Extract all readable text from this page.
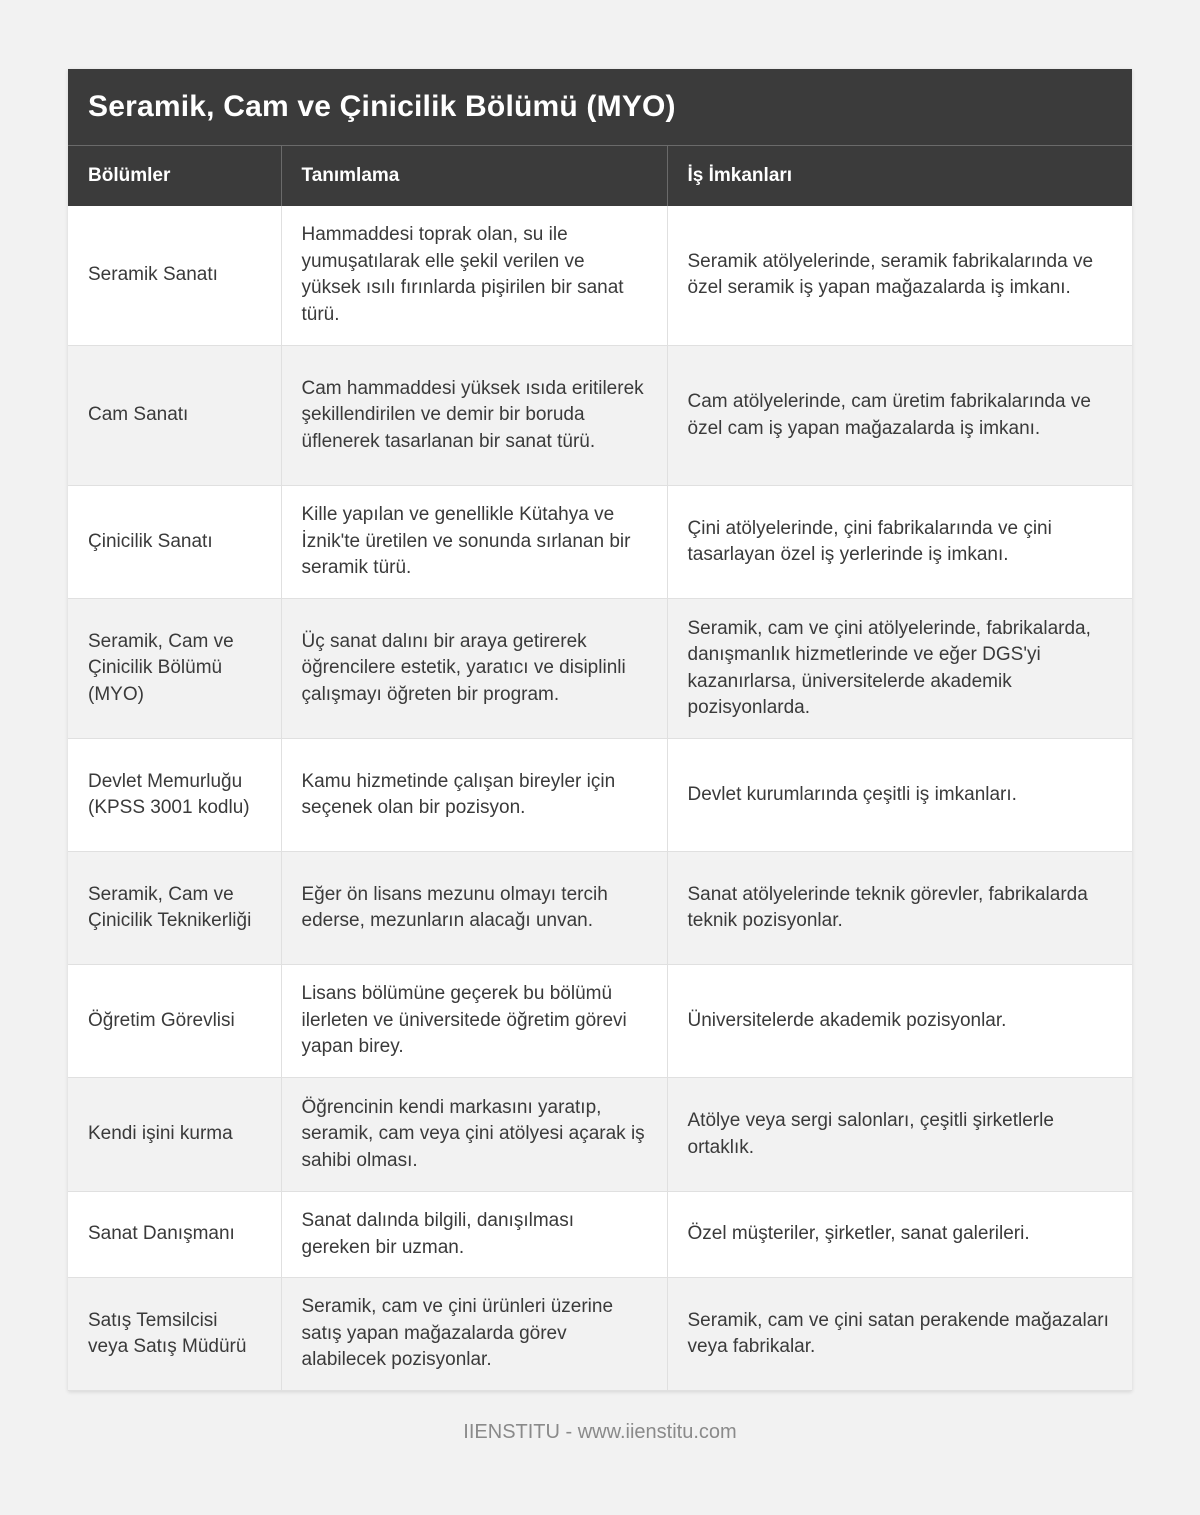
Seramik, Cam ve Çinicilik Bölümü (MYO)
Bölümler	Tanımlama	İş İmkanları
Seramik Sanatı	Hammaddesi toprak olan, su ile yumuşatılarak elle şekil verilen ve yüksek ısılı fırınlarda pişirilen bir sanat türü.	Seramik atölyelerinde, seramik fabrikalarında ve özel seramik iş yapan mağazalarda iş imkanı.
Cam Sanatı	Cam hammaddesi yüksek ısıda eritilerek şekillendirilen ve demir bir boruda üflenerek tasarlanan bir sanat türü.	Cam atölyelerinde, cam üretim fabrikalarında ve özel cam iş yapan mağazalarda iş imkanı.
Çinicilik Sanatı	Kille yapılan ve genellikle Kütahya ve İznik'te üretilen ve sonunda sırlanan bir seramik türü.	Çini atölyelerinde, çini fabrikalarında ve çini tasarlayan özel iş yerlerinde iş imkanı.
Seramik, Cam ve Çinicilik Bölümü (MYO)	Üç sanat dalını bir araya getirerek öğrencilere estetik, yaratıcı ve disiplinli çalışmayı öğreten bir program.	Seramik, cam ve çini atölyelerinde, fabrikalarda, danışmanlık hizmetlerinde ve eğer DGS'yi kazanırlarsa, üniversitelerde akademik pozisyonlarda.
Devlet Memurluğu (KPSS 3001 kodlu)	Kamu hizmetinde çalışan bireyler için seçenek olan bir pozisyon.	Devlet kurumlarında çeşitli iş imkanları.
Seramik, Cam ve Çinicilik Teknikerliği	Eğer ön lisans mezunu olmayı tercih ederse, mezunların alacağı unvan.	Sanat atölyelerinde teknik görevler, fabrikalarda teknik pozisyonlar.
Öğretim Görevlisi	Lisans bölümüne geçerek bu bölümü ilerleten ve üniversitede öğretim görevi yapan birey.	Üniversitelerde akademik pozisyonlar.
Kendi işini kurma	Öğrencinin kendi markasını yaratıp, seramik, cam veya çini atölyesi açarak iş sahibi olması.	Atölye veya sergi salonları, çeşitli şirketlerle ortaklık.
Sanat Danışmanı	Sanat dalında bilgili, danışılması gereken bir uzman.	Özel müşteriler, şirketler, sanat galerileri.
Satış Temsilcisi veya Satış Müdürü	Seramik, cam ve çini ürünleri üzerine satış yapan mağazalarda görev alabilecek pozisyonlar.	Seramik, cam ve çini satan perakende mağazaları veya fabrikalar.
IIENSTITU - www.iienstitu.com
